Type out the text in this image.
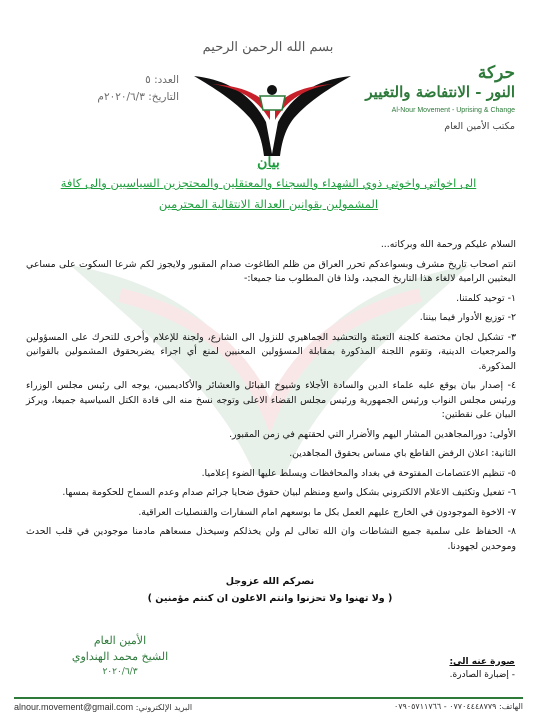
بسم الله الرحمن الرحيم
العدد: ٥
التاريخ: ٢٠٢٠/٦/٣م
حركة
النور - الانتفاضة والتغيير
Al-Nour Movement - Uprising & Change
مكتب الأمين العام
بيان
الى اخواتي واخوتي ذوي الشهداء والسجناء والمعتقلين والمحتجزين السياسيين والى كافة
المشمولين بقوانين العدالة الانتقالية المحترمين

السلام عليكم ورحمة الله وبركاته...

انتم اصحاب تاريخ مشرف وبسواعدكم تحرر العراق من ظلم الطاغوت صدام المقبور ولايجوز لكم شرعا السكوت على مساعي البعثيين الرامية لالغاء هذا التاريخ المجيد، ولذا فان المطلوب منا جميعا:-

١- توحيد كلمتنا.

٢- توزيع الأدوار فيما بيننا.

٣- تشكيل لجان مختصة كلجنة التعبئة والتحشيد الجماهيري للنزول الى الشارع، ولجنة للإعلام وأخرى للتحرك على المسؤولين والمرجعيات الدينية، وتقوم اللجنة المذكورة بمقابلة المسؤولين المعنيين لمنع أي اجراء يضربحقوق المشمولين بالقوانين المذكورة.

٤- إصدار بيان يوقع عليه علماء الدين والسادة الأجلاء وشيوخ القبائل والعشائر والأكاديميين، يوجه الى رئيس مجلس الوزراء ورئيس مجلس النواب ورئيس الجمهورية ورئيس مجلس القضاء الاعلى وتوجه نسخ منه الى قادة الكتل السياسية جميعا، ويركز البيان على نقطتين:

الأولى: دورالمجاهدين المشار اليهم والأضرار التي لحقتهم في زمن المقبور.

الثانية: اعلان الرفض القاطع باي مساس بحقوق المجاهدين.

٥- تنظيم الاعتصامات المفتوحة في بغداد والمحافظات ويسلط عليها الضوء إعلاميا.

٦- تفعيل وتكثيف الاعلام الالكتروني بشكل واسع ومنظم لبيان حقوق ضحايا جرائم صدام وعدم السماح للحكومة بمسها.

٧- الاخوة الموجودون في الخارج عليهم العمل بكل ما بوسعهم امام السفارات والقنصليات العراقية.

٨- الحفاظ على سلمية جميع النشاطات وان الله تعالى لم ولن يخذلكم وسيخذل مسعاهم مادمنا موجودين في قلب الحدث وموحدين لجهودنا.

نصركم الله عزوجل
( ولا تهنوا ولا تحزنوا وانتم الاعلون ان كنتم مؤمنين )
الأمين العام
الشيخ محمد الهنداوي
٢٠٢٠/٦/٣
صورة عنه الى:
- إضبارة الصادرة.
الهاتف: ٠٧٧٠٤٤٤٨٧٧٩ - ٠٧٩٠٥٧١١٧٦٦
البريد الإلكتروني: alnour.movement@gmail.com
